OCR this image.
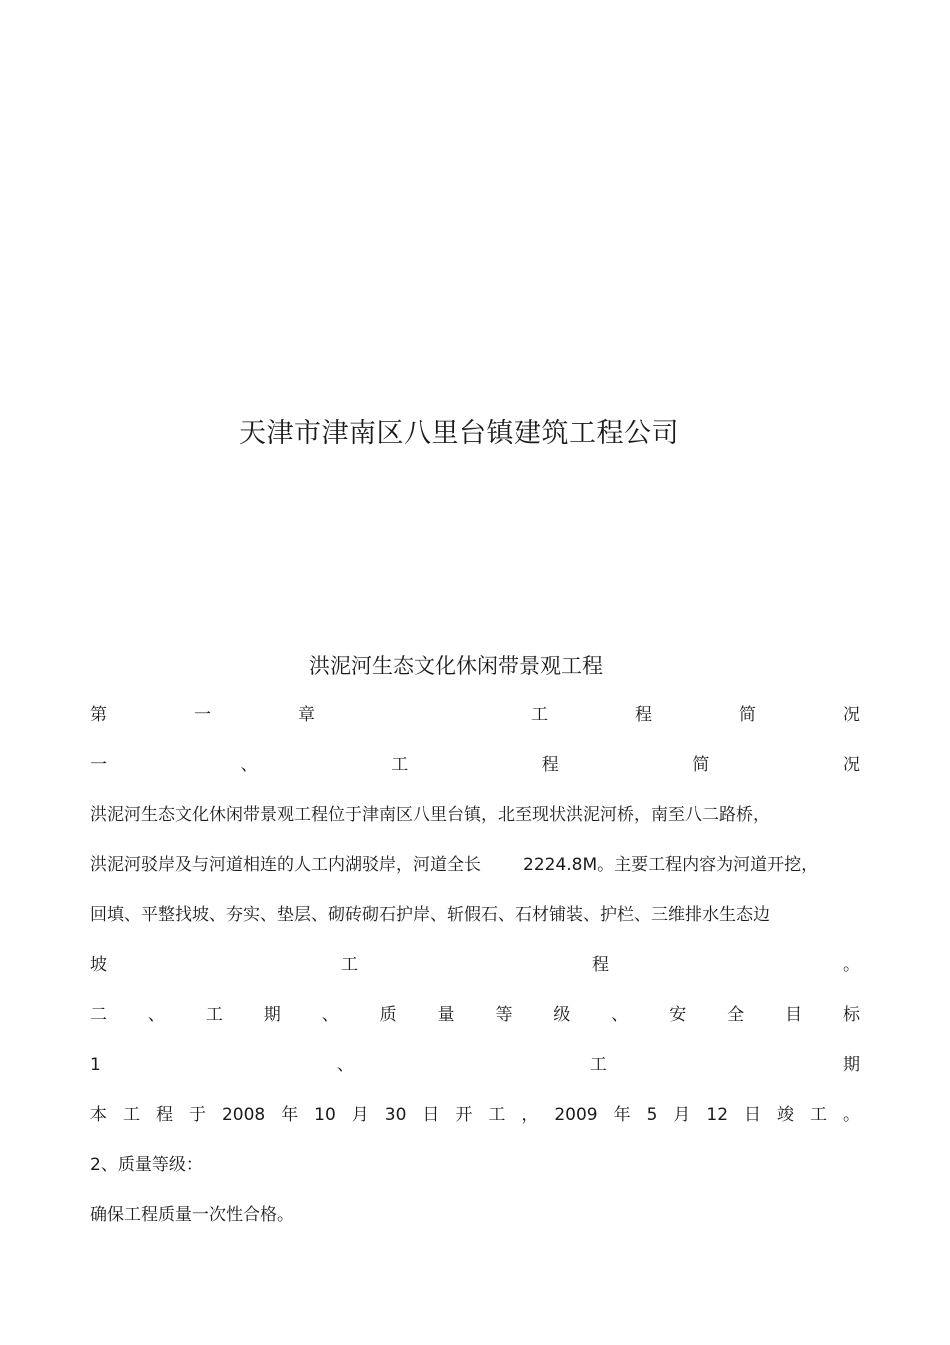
天津市津南区八里台镇建筑工程公司
洪泥河生态文化休闲带景观工程
第	一	章	工	程	简	况
一	、	工	程	简	况
洪泥河生态文化休闲带景观工程位于津南区八里台镇，北至现状洪泥河桥，南至八二路桥，
洪泥河驳岸及与河道相连的人工内湖驳岸，河道全长 2224.8M。主要工程内容为河道开挖，
回填、平整找坡、夯实、垫层、砌砖砌石护岸、斩假石、石材铺装、护栏、三维排水生态边
坡	工	程	。
二 、 工 期 、 质 量 等 级 、 安 全 目 标
1	、	工	期
本 工 程 于 2008 年 10 月 30 日 开 工 ， 2009 年 5 月 12 日 竣 工 。
2、质量等级：
确保工程质量一次性合格。
